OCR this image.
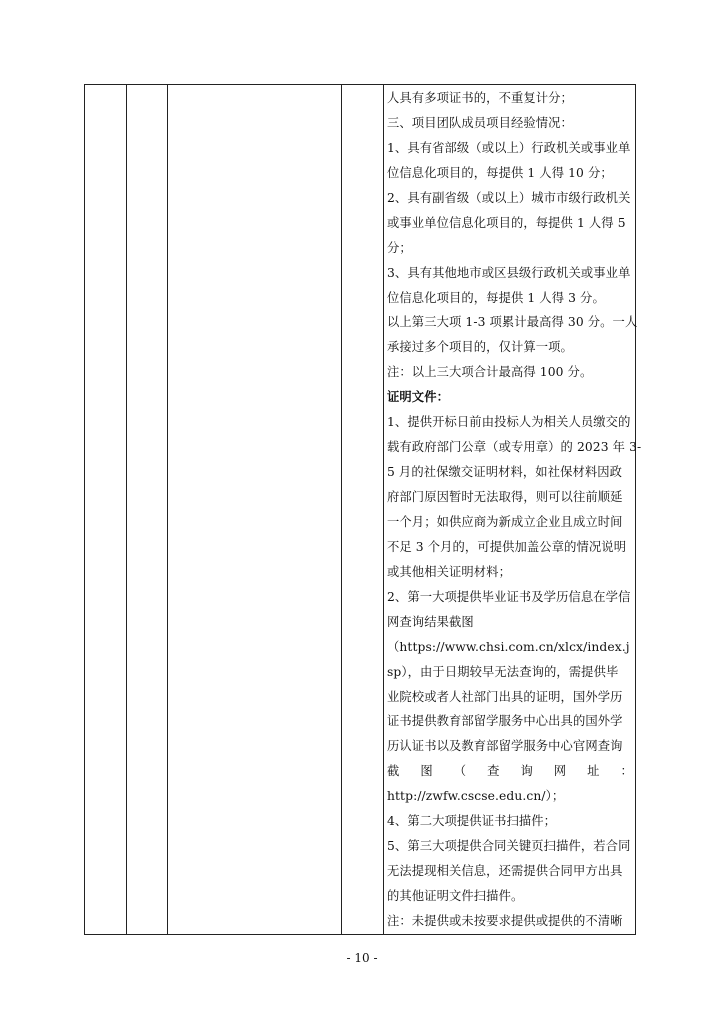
人具有多项证书的，不重复计分；
三、项目团队成员项目经验情况：
1、具有省部级（或以上）行政机关或事业单
位信息化项目的，每提供 1 人得 10 分；
2、具有副省级（或以上）城市市级行政机关
或事业单位信息化项目的，每提供 1 人得 5
分；
3、具有其他地市或区县级行政机关或事业单
位信息化项目的，每提供 1 人得 3 分。
以上第三大项 1-3 项累计最高得 30 分。一人
承接过多个项目的，仅计算一项。
注：以上三大项合计最高得 100 分。
证明文件：
1、提供开标日前由投标人为相关人员缴交的
载有政府部门公章（或专用章）的 2023 年 3-
5 月的社保缴交证明材料，如社保材料因政
府部门原因暂时无法取得，则可以往前顺延
一个月；如供应商为新成立企业且成立时间
不足 3 个月的，可提供加盖公章的情况说明
或其他相关证明材料；
2、第一大项提供毕业证书及学历信息在学信
网查询结果截图
（https://www.chsi.com.cn/xlcx/index.j
sp），由于日期较早无法查询的，需提供毕
业院校或者人社部门出具的证明，国外学历
证书提供教育部留学服务中心出具的国外学
历认证书以及教育部留学服务中心官网查询
截 图 （ 查 询 网 址 ：
http://zwfw.cscse.edu.cn/）；
4、第二大项提供证书扫描件；
5、第三大项提供合同关键页扫描件，若合同
无法提现相关信息，还需提供合同甲方出具
的其他证明文件扫描件。
注：未提供或未按要求提供或提供的不清晰
- 10 -
